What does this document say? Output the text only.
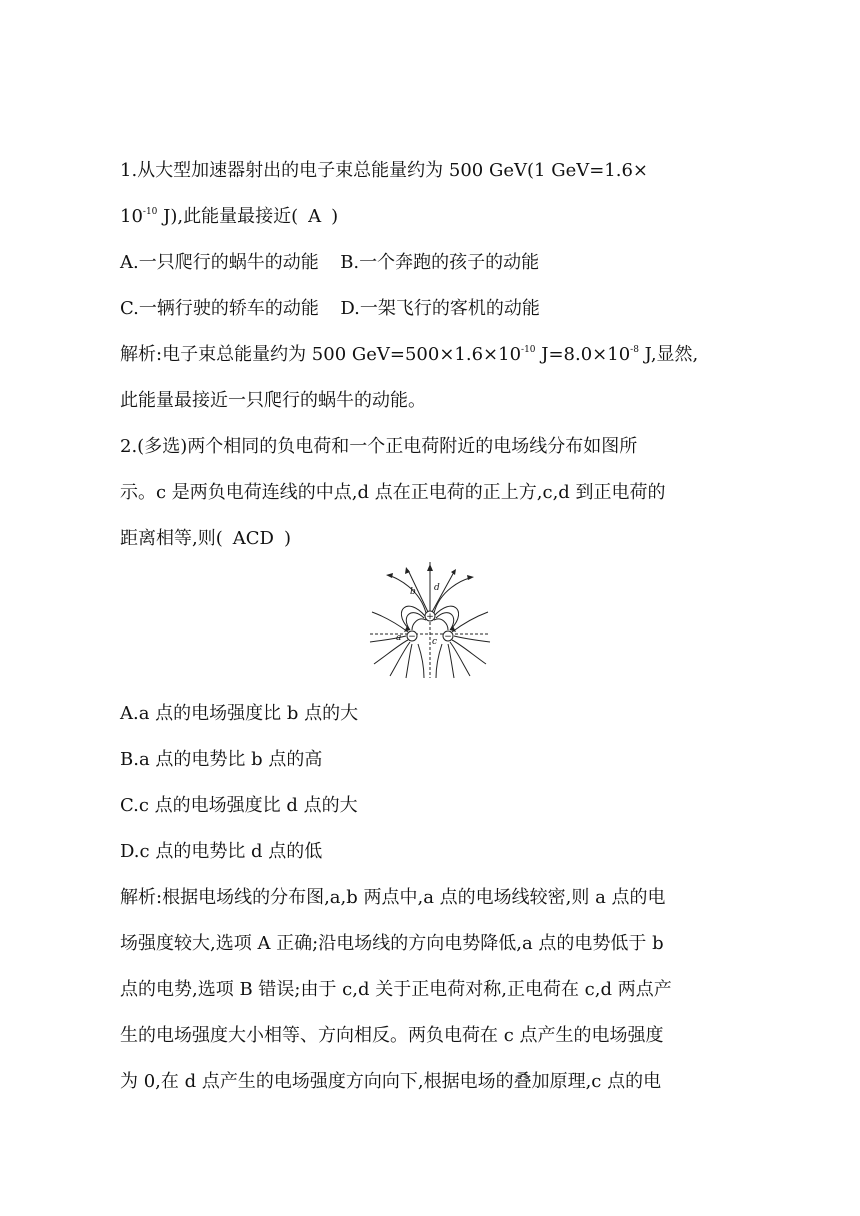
1.从大型加速器射出的电子束总能量约为 500 GeV(1 GeV=1.6×
$10^{-10}$ J),此能量最接近( A )
A.一只爬行的蜗牛的动能 B.一个奔跑的孩子的动能
C.一辆行驶的轿车的动能 D.一架飞行的客机的动能
解析:电子束总能量约为 500 $GeV=500\times 1.6\times 10^{-10}$ $J=8.0\times 10^{-8}$ J,显然,
此能量最接近一只爬行的蜗牛的动能。
2.(多选)两个相同的负电荷和一个正电荷附近的电场线分布如图所
示。c 是两负电荷连线的中点,d 点在正电荷的正上方,c,d 到正电荷的
距离相等,则( ACD )
+
−	−
a
b
c
d
A.a 点的电场强度比 b 点的大
B.a 点的电势比 b 点的高
C.c 点的电场强度比 d 点的大
D.c 点的电势比 d 点的低
解析:根据电场线的分布图,a,b 两点中,a 点的电场线较密,则 a 点的电
场强度较大,选项 A 正确;沿电场线的方向电势降低,a 点的电势低于 b
点的电势,选项 B 错误;由于 c,d 关于正电荷对称,正电荷在 c,d 两点产
生的电场强度大小相等、方向相反。两负电荷在 c 点产生的电场强度
为 0,在 d 点产生的电场强度方向向下,根据电场的叠加原理,c 点的电
